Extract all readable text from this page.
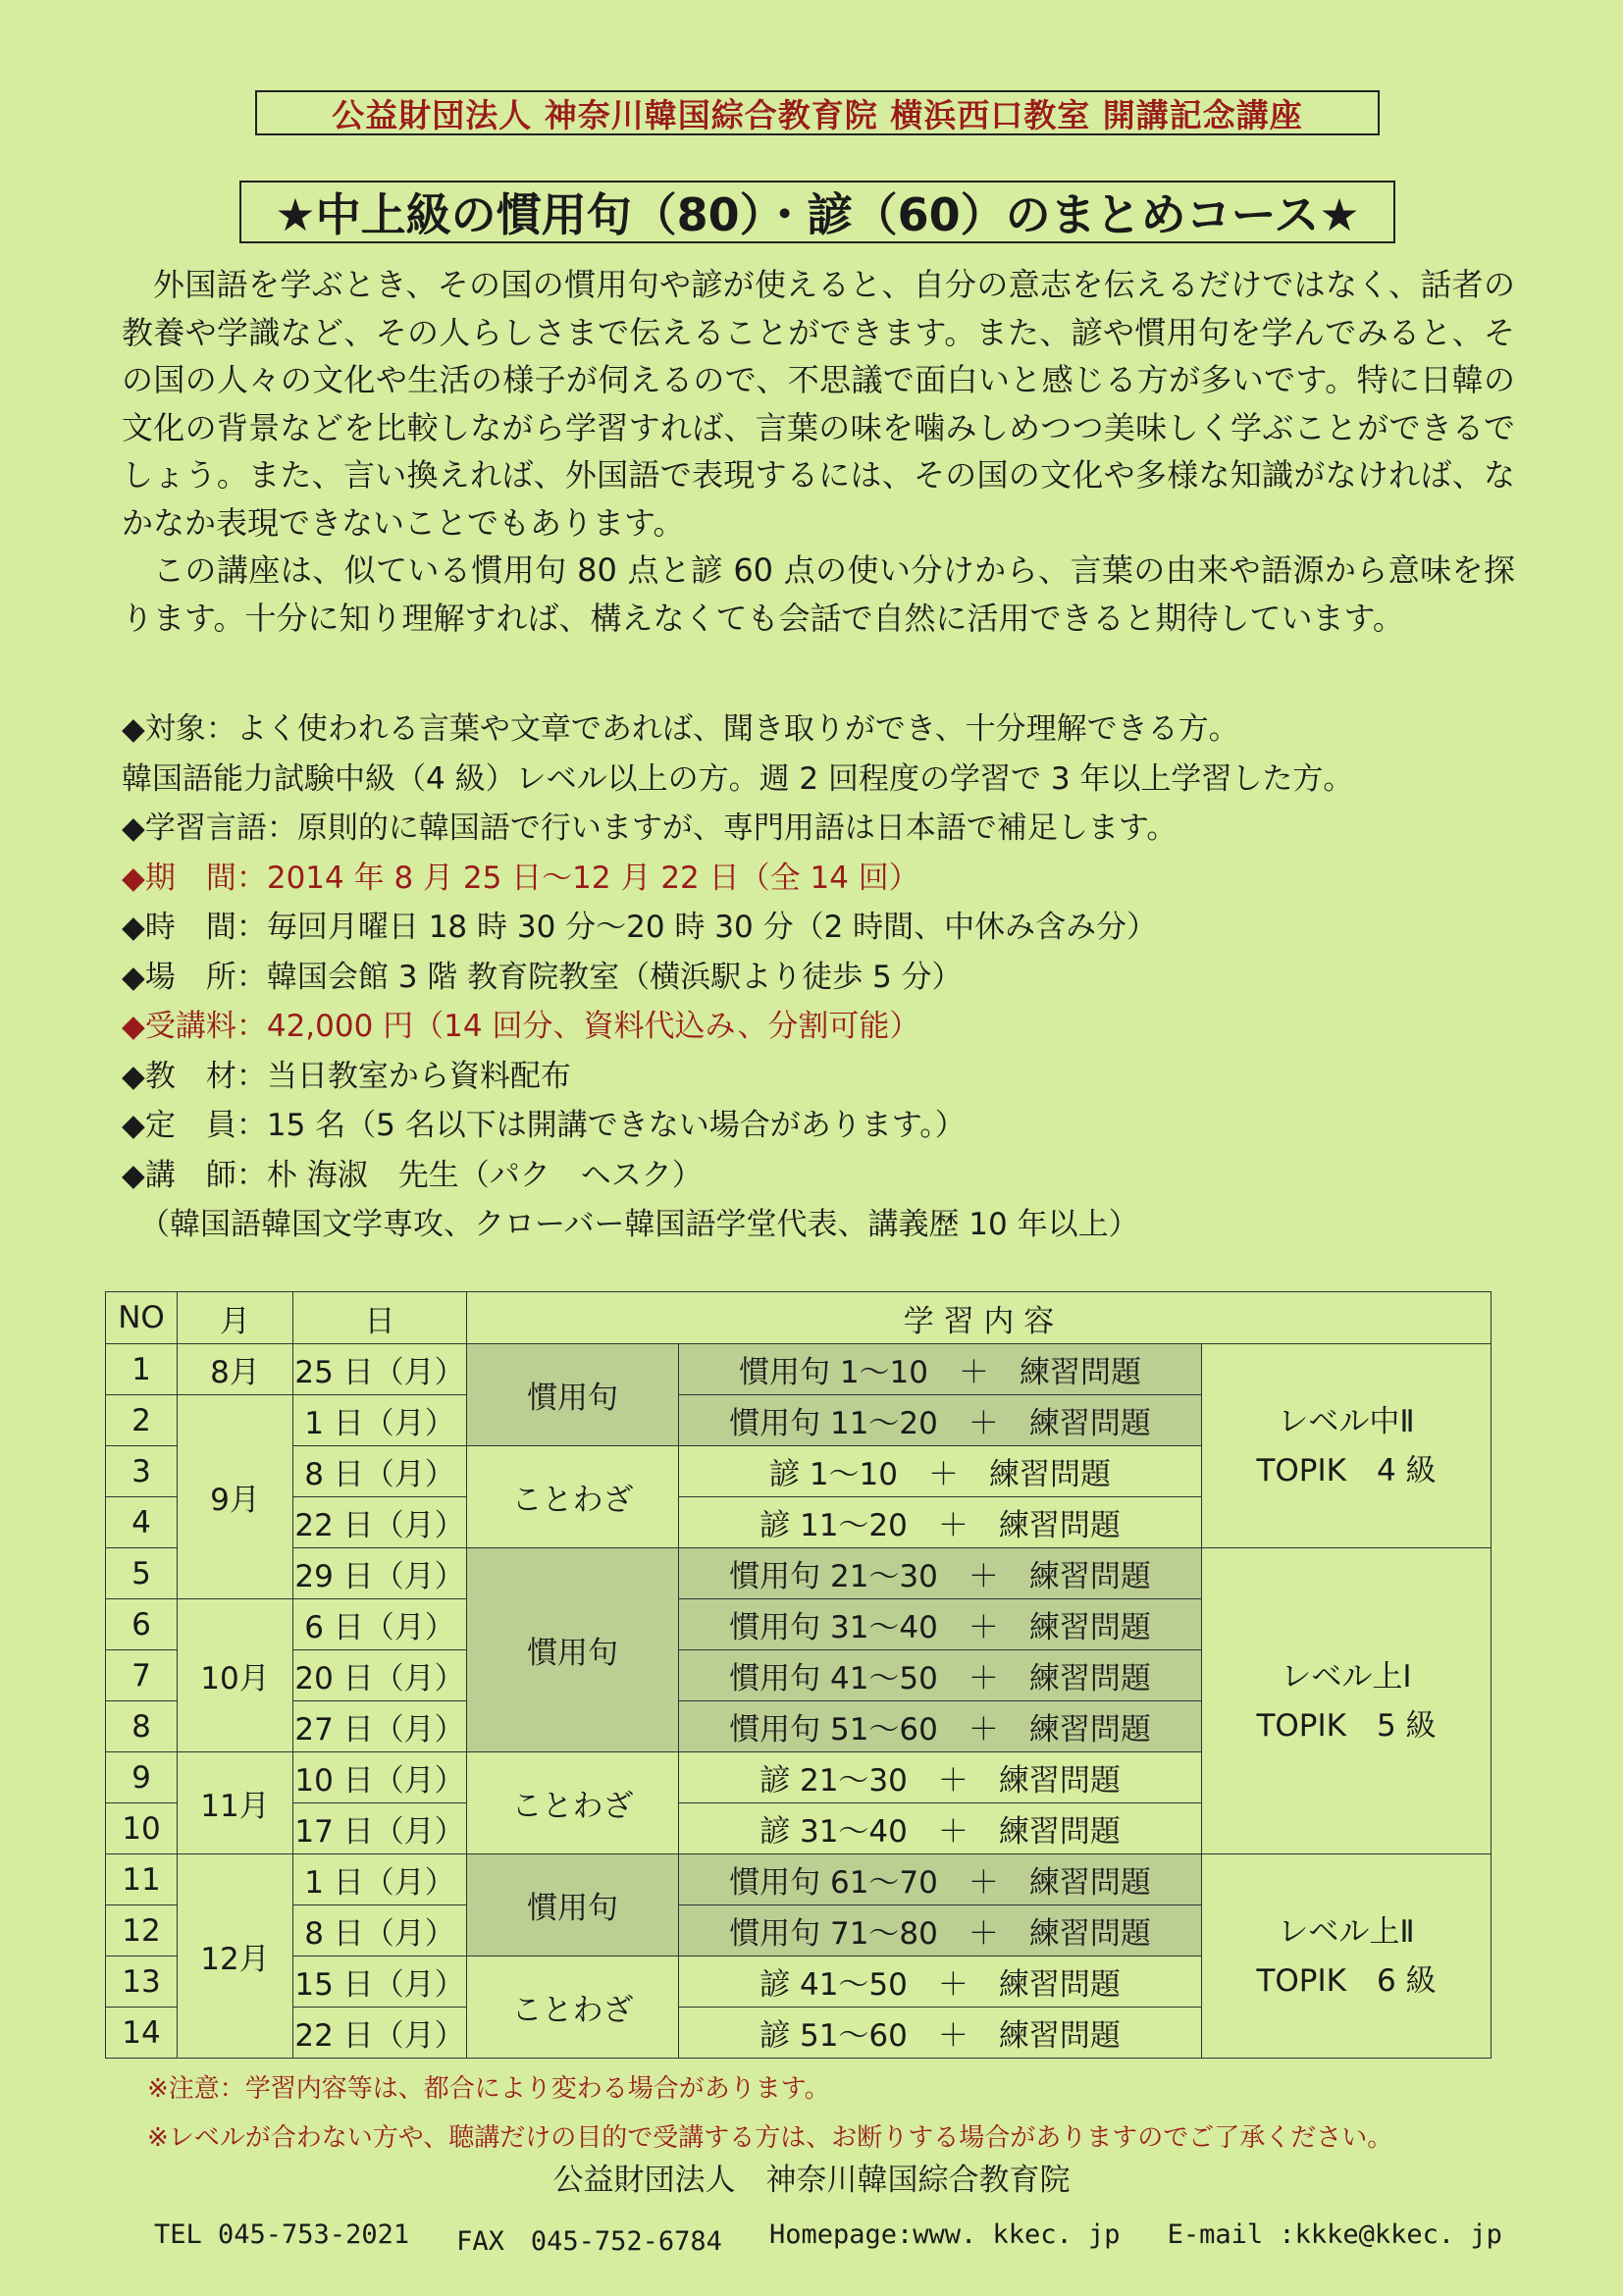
公益財団法人 神奈川韓国綜合教育院 横浜西口教室 開講記念講座
★中上級の慣用句（80）・諺（60）のまとめコース★

外国語を学ぶとき、その国の慣用句や諺が使えると、自分の意志を伝えるだけではなく、話者の教養や学識など、その人らしさまで伝えることができます。また、諺や慣用句を学んでみると、その国の人々の文化や生活の様子が伺えるので、不思議で面白いと感じる方が多いです。特に日韓の文化の背景などを比較しながら学習すれば、言葉の味を噛みしめつつ美味しく学ぶことができるでしょう。また、言い換えれば、外国語で表現するには、その国の文化や多様な知識がなければ、なかなか表現できないことでもあります。

この講座は、似ている慣用句 80 点と諺 60 点の使い分けから、言葉の由来や語源から意味を探ります。十分に知り理解すれば、構えなくても会話で自然に活用できると期待しています。

◆対象：よく使われる言葉や文章であれば、聞き取りができ、十分理解できる方。
韓国語能力試験中級（4 級）レベル以上の方。週 2 回程度の学習で 3 年以上学習した方。
◆学習言語：原則的に韓国語で行いますが、専門用語は日本語で補足します。
◆期　間：2014 年 8 月 25 日～12 月 22 日（全 14 回）
◆時　間：毎回月曜日 18 時 30 分～20 時 30 分（2 時間、中休み含み分）
◆場　所：韓国会館 3 階 教育院教室（横浜駅より徒歩 5 分）
◆受講料：42,000 円（14 回分、資料代込み、分割可能）
◆教　材：当日教室から資料配布
◆定　員：15 名（5 名以下は開講できない場合があります。）
◆講　師：朴 海淑　先生（パク　ヘスク）
（韓国語韓国文学専攻、クローバー韓国語学堂代表、講義歴 10 年以上）
NO	月	日	学 習 内 容		
1	8月	25 日（月）	慣用句	慣用句 1～10　＋　練習問題	レベル中Ⅱ
TOPIK　4 級

2	9月	1 日（月）		慣用句 11～20　＋　練習問題	
3		8 日（月）	ことわざ	諺 1～10　＋　練習問題	
4		22 日（月）		諺 11～20　＋　練習問題	
5		29 日（月）	慣用句	慣用句 21～30　＋　練習問題	レベル上Ⅰ
TOPIK　5 級

6	10月	6 日（月）		慣用句 31～40　＋　練習問題	
7		20 日（月）		慣用句 41～50　＋　練習問題	
8		27 日（月）		慣用句 51～60　＋　練習問題	
9	11月	10 日（月）	ことわざ	諺 21～30　＋　練習問題	
10		17 日（月）		諺 31～40　＋　練習問題	
11	12月	1 日（月）	慣用句	慣用句 61～70　＋　練習問題	レベル上Ⅱ
TOPIK　6 級

12		8 日（月）		慣用句 71～80　＋　練習問題	
13		15 日（月）	ことわざ	諺 41～50　＋　練習問題	
14		22 日（月）		諺 51～60　＋　練習問題	
※注意：学習内容等は、都合により変わる場合があります。
※レベルが合わない方や、聴講だけの目的で受講する方は、お断りする場合がありますのでご了承ください。
公益財団法人　神奈川韓国綜合教育院
TEL 045-753-2021 FAX　045-752-6784 Homepage:www. kkec. jp E-mail :kkke@kkec. jp
